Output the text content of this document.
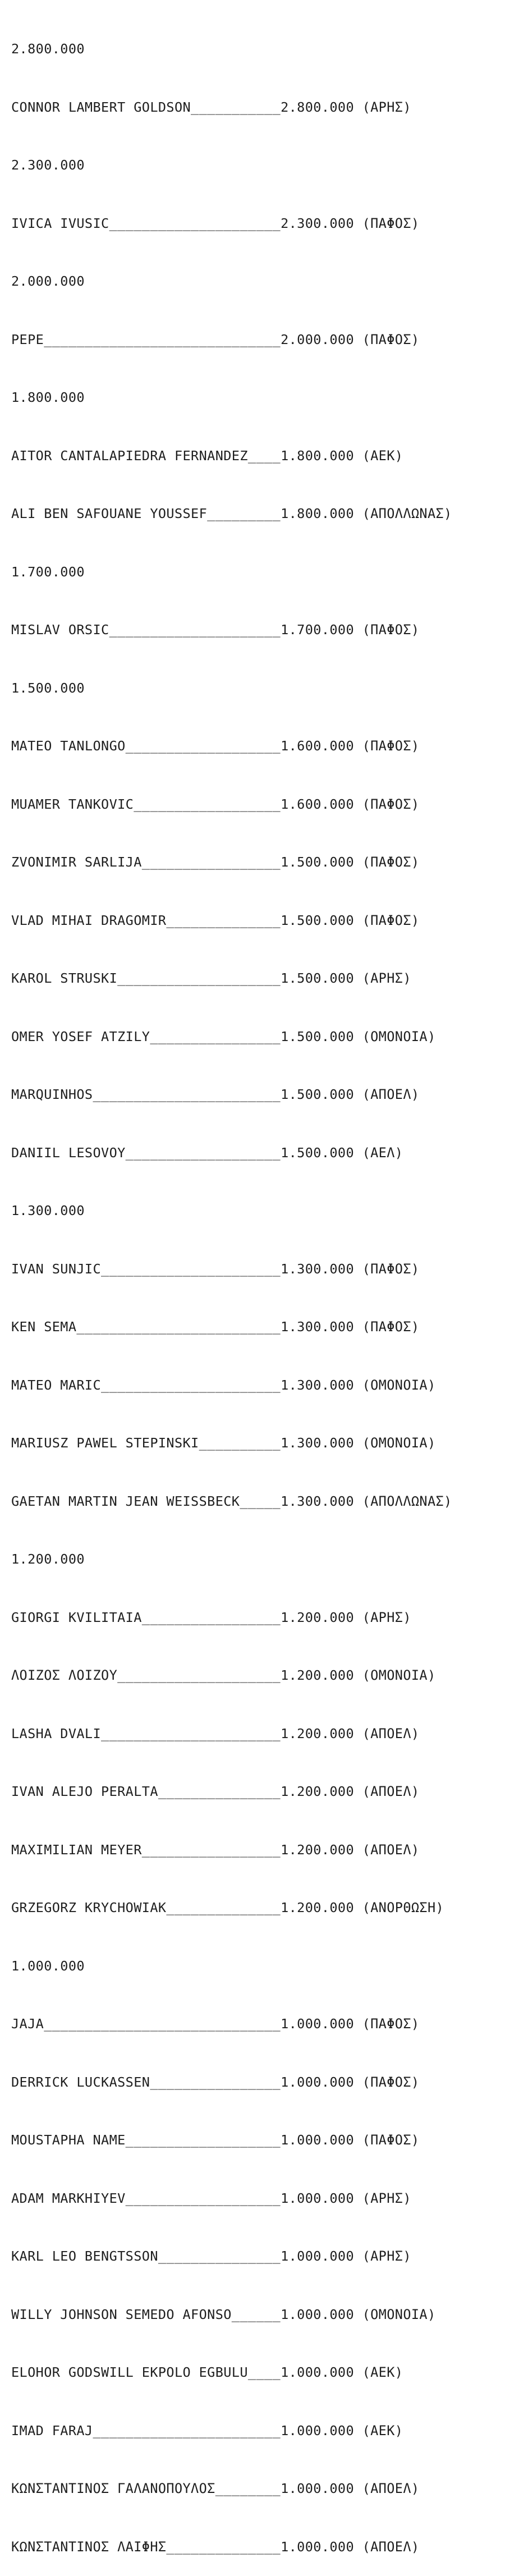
2.800.000

CONNOR LAMBERT GOLDSON___________2.800.000 (ΑΡΗΣ)

2.300.000

IVICA IVUSIC_____________________2.300.000 (ΠΑΦΟΣ)

2.000.000

PEPE_____________________________2.000.000 (ΠΑΦΟΣ)

1.800.000

AITOR CANTALAPIEDRA FERNANDEZ____1.800.000 (ΑΕΚ)

ALI BEN SAFOUANE YOUSSEF_________1.800.000 (ΑΠΟΛΛΩΝΑΣ)

1.700.000

MISLAV ORSIC_____________________1.700.000 (ΠΑΦΟΣ)

1.500.000

MATEO TANLONGO___________________1.600.000 (ΠΑΦΟΣ)

MUAMER TANKOVIC__________________1.600.000 (ΠΑΦΟΣ)

ZVONIMIR SARLIJA_________________1.500.000 (ΠΑΦΟΣ)

VLAD MIHAI DRAGOMIR______________1.500.000 (ΠΑΦΟΣ)

KAROL STRUSKI____________________1.500.000 (ΑΡΗΣ)

OMER YOSEF ATZILY________________1.500.000 (ΟΜΟΝΟΙΑ)

MARQUINHOS_______________________1.500.000 (ΑΠΟΕΛ)

DANIIL LESOVOY___________________1.500.000 (ΑΕΛ)

1.300.000

IVAN SUNJIC______________________1.300.000 (ΠΑΦΟΣ)

KEN SEMA_________________________1.300.000 (ΠΑΦΟΣ)

MATEO MARIC______________________1.300.000 (ΟΜΟΝΟΙΑ)

MARIUSZ PAWEL STEPINSKI__________1.300.000 (ΟΜΟΝΟΙΑ)

GAETAN MARTIN JEAN WEISSBECK_____1.300.000 (ΑΠΟΛΛΩΝΑΣ)

1.200.000

GIORGI KVILITAIA_________________1.200.000 (ΑΡΗΣ)

ΛΟΙΖΟΣ ΛΟΙΖΟΥ____________________1.200.000 (ΟΜΟΝΟΙΑ)

LASHA DVALI______________________1.200.000 (ΑΠΟΕΛ)

IVAN ALEJO PERALTA_______________1.200.000 (ΑΠΟΕΛ)

MAXIMILIAN MEYER_________________1.200.000 (ΑΠΟΕΛ)

GRZEGORZ KRYCHOWIAK______________1.200.000 (ΑΝΟΡΘΩΣΗ)

1.000.000

JAJA_____________________________1.000.000 (ΠΑΦΟΣ)

DERRICK LUCKASSEN________________1.000.000 (ΠΑΦΟΣ)

MOUSTAPHA NAME___________________1.000.000 (ΠΑΦΟΣ)

ADAM MARKHIYEV___________________1.000.000 (ΑΡΗΣ)

KARL LEO BENGTSSON_______________1.000.000 (ΑΡΗΣ)

WILLY JOHNSON SEMEDO AFONSO______1.000.000 (ΟΜΟΝΟΙΑ)

ELOHOR GODSWILL EKPOLO EGBULU____1.000.000 (ΑΕΚ)

IMAD FARAJ_______________________1.000.000 (ΑΕΚ)

ΚΩΝΣΤΑΝΤΙΝΟΣ ΓΑΛΑΝΟΠΟΥΛΟΣ________1.000.000 (ΑΠΟΕΛ)

ΚΩΝΣΤΑΝΤΙΝΟΣ ΛΑΙΦΗΣ______________1.000.000 (ΑΠΟΕΛ)
